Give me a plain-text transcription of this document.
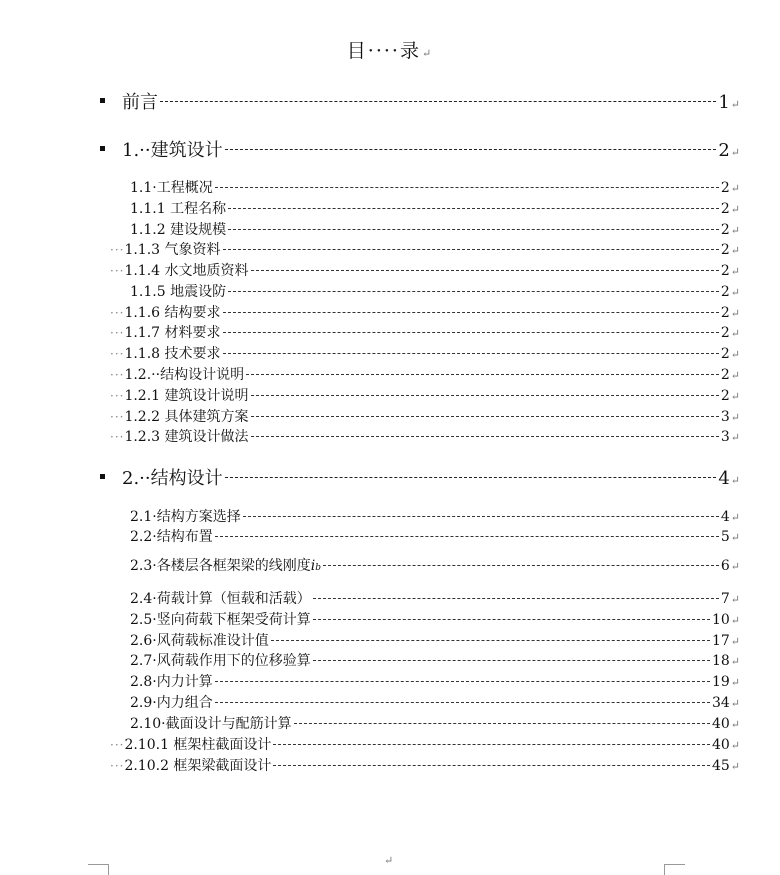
目····录↵
前言	1 ↵
1.··建筑设计	2 ↵
1.1·工程概况	2 ↵
1.1.1 工程名称	2 ↵
1.1.2 建设规模	2 ↵
··· 1.1.3 气象资料	2 ↵
··· 1.1.4 水文地质资料	2 ↵
1.1.5 地震设防	2 ↵
··· 1.1.6 结构要求	2 ↵
··· 1.1.7 材料要求	2 ↵
··· 1.1.8 技术要求	2 ↵
··· 1.2.··结构设计说明	2 ↵
··· 1.2.1 建筑设计说明	2 ↵
··· 1.2.2 具体建筑方案	3 ↵
··· 1.2.3 建筑设计做法	3 ↵
2.··结构设计	4 ↵
2.1·结构方案选择	4 ↵
2.2·结构布置	5 ↵
2.3·各楼层各框架梁的线刚度 i b	6 ↵
2.4·荷载计算（恒载和活载）	7 ↵
2.5·竖向荷载下框架受荷计算	10 ↵
2.6·风荷载标准设计值	17 ↵
2.7·风荷载作用下的位移验算	18 ↵
2.8·内力计算	19 ↵
2.9·内力组合	34 ↵
2.10·截面设计与配筋计算	40 ↵
··· 2.10.1 框架柱截面设计	40 ↵
··· 2.10.2 框架梁截面设计	45 ↵
↵
